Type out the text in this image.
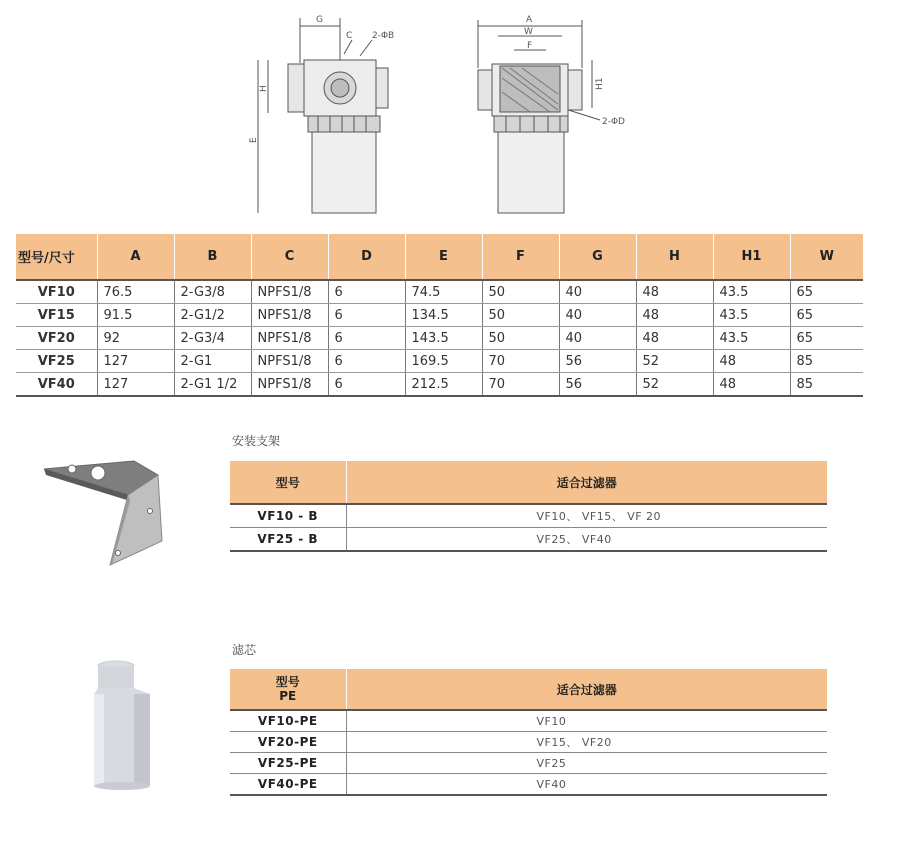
G
C 2-ΦB
H
E
A
W
F
H1
2-ΦD
型号/尺寸	A	B	C	D	E	F	G	H	H1	W
VF10	76.5	2-G3/8	NPFS1/8	6	74.5	50	40	48	43.5	65
VF15	91.5	2-G1/2	NPFS1/8	6	134.5	50	40	48	43.5	65
VF20	92	2-G3/4	NPFS1/8	6	143.5	50	40	48	43.5	65
VF25	127	2-G1	NPFS1/8	6	169.5	70	56	52	48	85
VF40	127	2-G1 1/2	NPFS1/8	6	212.5	70	56	52	48	85
安装支架
型号	适合过滤器
VF10 - B	VF10、 VF15、 VF 20
VF25 - B	VF25、 VF40
滤芯
型号
PE	适合过滤器
VF10-PE	VF10
VF20-PE	VF15、 VF20
VF25-PE	VF25
VF40-PE	VF40
